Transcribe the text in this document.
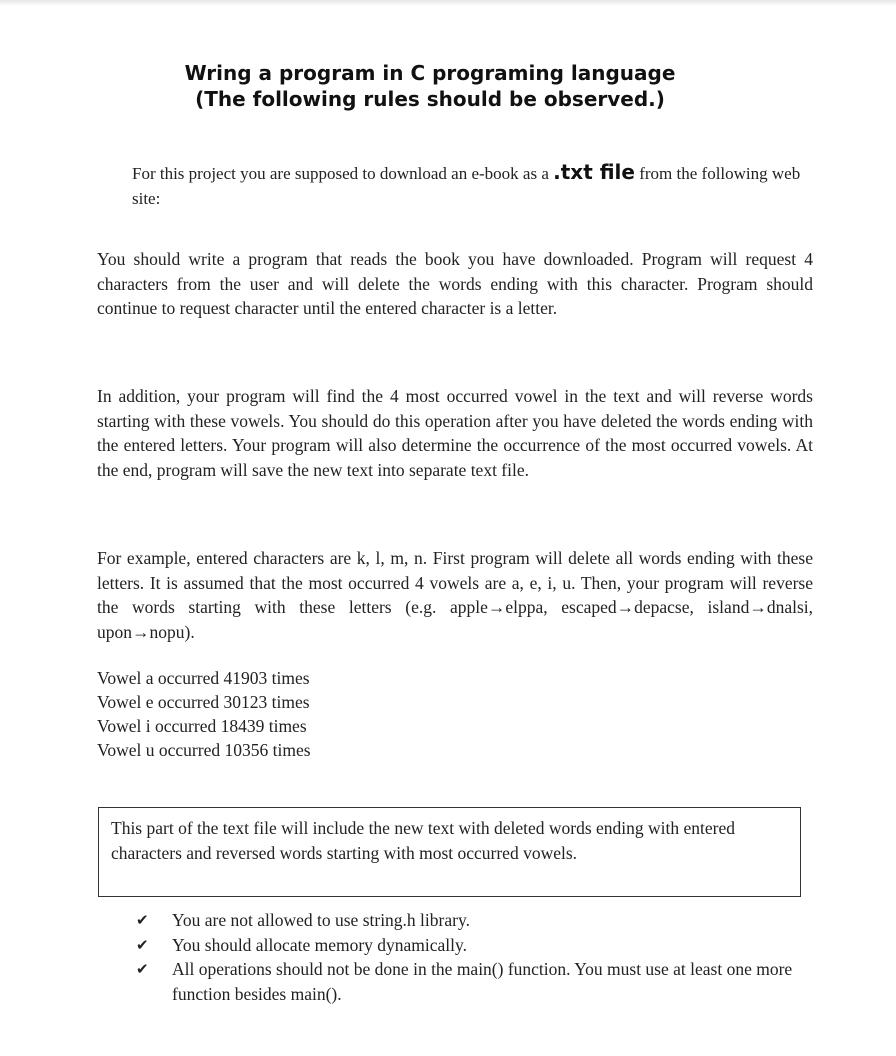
Wring a program in C programing language
(The following rules should be observed.)
For this project you are supposed to download an e-book as a .txt file from the following web site:
You should write a program that reads the book you have downloaded. Program will request 4 characters from the user and will delete the words ending with this character. Program should continue to request character until the entered character is a letter.
In addition, your program will find the 4 most occurred vowel in the text and will reverse words starting with these vowels. You should do this operation after you have deleted the words ending with the entered letters. Your program will also determine the occurrence of the most occurred vowels. At the end, program will save the new text into separate text file.
For example, entered characters are k, l, m, n. First program will delete all words ending with these letters. It is assumed that the most occurred 4 vowels are a, e, i, u. Then, your program will reverse the words starting with these letters (e.g. apple→elppa, escaped→depacse, island→dnalsi, upon→nopu).
Vowel a occurred 41903 times
Vowel e occurred 30123 times
Vowel i occurred 18439 times
Vowel u occurred 10356 times
This part of the text file will include the new text with deleted words ending with entered characters and reversed words starting with most occurred vowels.
✔ You are not allowed to use string.h library.
✔ You should allocate memory dynamically.
✔ All operations should not be done in the main() function. You must use at least one more function besides main().
